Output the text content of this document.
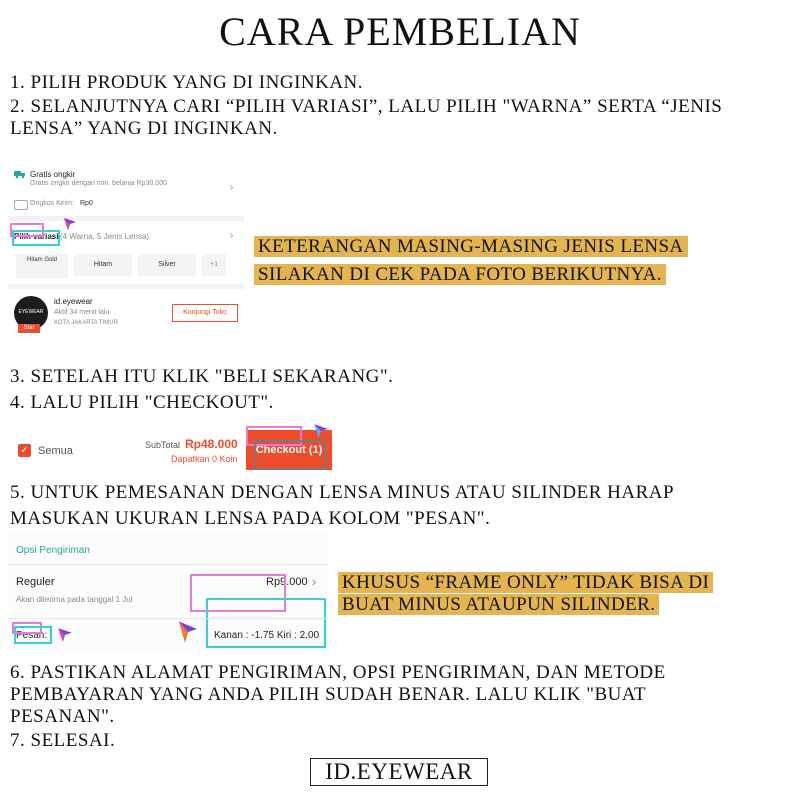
CARA PEMBELIAN
1. PILIH PRODUK YANG DI INGINKAN.
2. SELANJUTNYA CARI “PILIH VARIASI”, LALU PILIH "WARNA” SERTA “JENIS LENSA” YANG DI INGINKAN.
Gratis ongkir
Gratis ongkir dengan min. belanja Rp30.000	›
Ongkos Kirim: Rp0
Pilih variasi (4 Warna, 5 Jenis Lensa)	›
Hitam Gold
Hitam	Silver	+1
EYEWEAR
Star
id.eyewear
Aktif 34 menit lalu
KOTA JAKARTA TIMUR
Kunjungi Toko
KETERANGAN MASING-MASING JENIS LENSA
SILAKAN DI CEK PADA FOTO BERIKUTNYA.
3. SETELAH ITU KLIK "BELI SEKARANG".
4. LALU PILIH "CHECKOUT".
✓ Semua	SubTotal Rp48.000
Dapatkan 0 Koin
Checkout (1)
5. UNTUK PEMESANAN DENGAN LENSA MINUS ATAU SILINDER HARAP MASUKAN UKURAN LENSA PADA KOLOM "PESAN".
Opsi Pengiriman
Reguler	Rp9.000 ›
Akan diterima pada tanggal 1 Jul
Pesan:	Kanan : -1.75 Kiri : 2.00
KHUSUS “FRAME ONLY” TIDAK BISA DI
BUAT MINUS ATAUPUN SILINDER.
6. PASTIKAN ALAMAT PENGIRIMAN, OPSI PENGIRIMAN, DAN METODE PEMBAYARAN YANG ANDA PILIH SUDAH BENAR. LALU KLIK "BUAT PESANAN".
7. SELESAI.
ID.EYEWEAR
